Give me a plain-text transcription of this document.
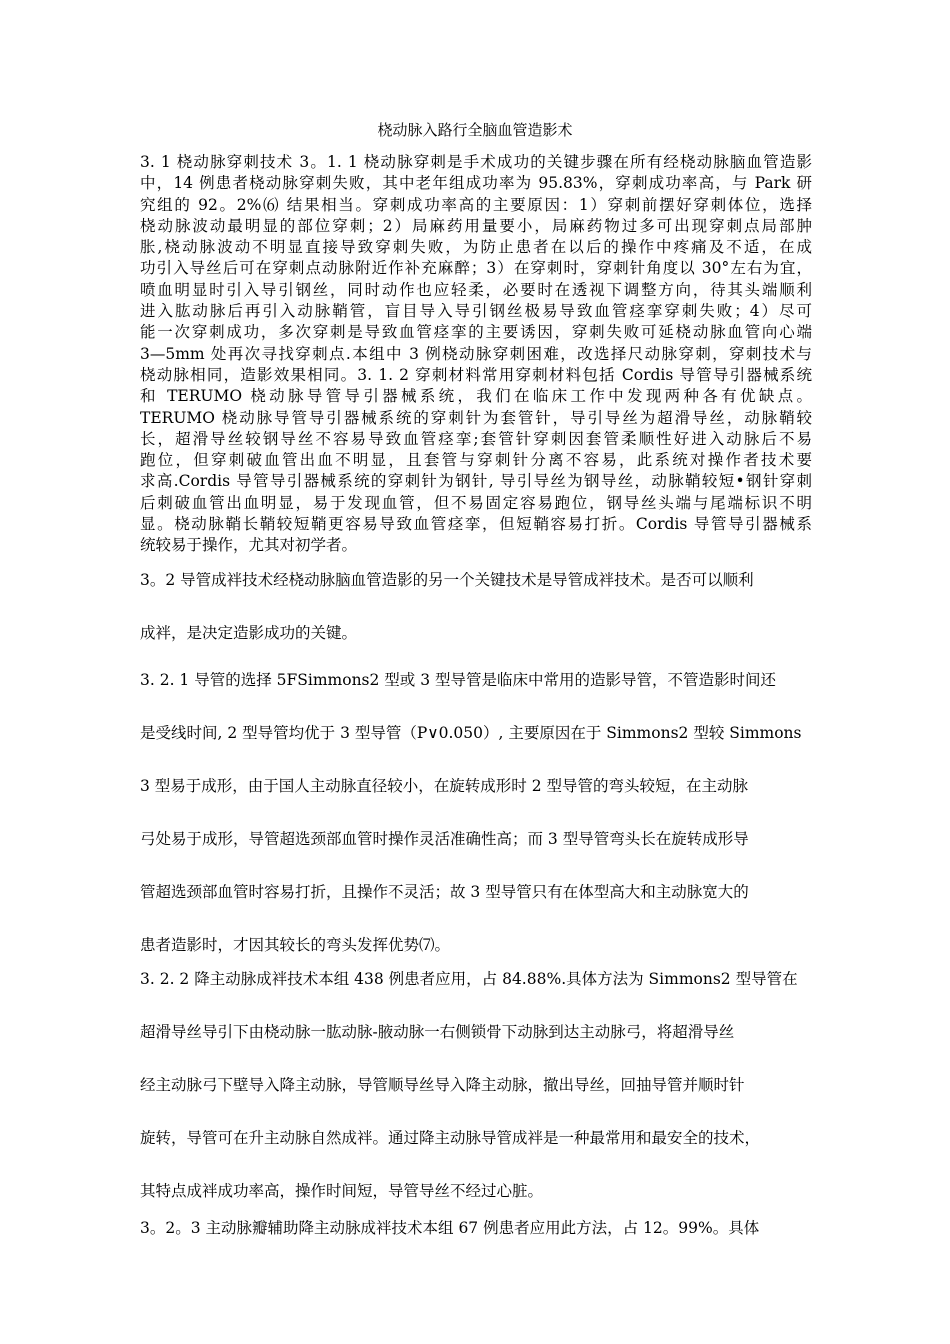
桡动脉入路行全脑血管造影术
3. 1 桡动脉穿刺技术 3。1. 1 桡动脉穿刺是手术成功的关键步骤在所有经桡动脉脑血管造影
中，14 例患者桡动脉穿刺失败，其中老年组成功率为 95.83%，穿刺成功率高，与 Park 研
究组的 92。2%⑹ 结果相当。穿刺成功率高的主要原因：1）穿刺前摆好穿刺体位，选择
桡动脉波动最明显的部位穿刺；2）局麻药用量要小，局麻药物过多可出现穿刺点局部肿
胀,桡动脉波动不明显直接导致穿刺失败，为防止患者在以后的操作中疼痛及不适，在成
功引入导丝后可在穿刺点动脉附近作补充麻醉；3）在穿刺时，穿刺针角度以 30°左右为宜，
喷血明显时引入导引钢丝，同时动作也应轻柔，必要时在透视下调整方向，待其头端顺利
进入肱动脉后再引入动脉鞘管，盲目导入导引钢丝极易导致血管痉挛穿刺失败；4）尽可
能一次穿刺成功，多次穿刺是导致血管痉挛的主要诱因，穿刺失败可延桡动脉血管向心端
3—5mm 处再次寻找穿刺点.本组中 3 例桡动脉穿刺困难，改选择尺动脉穿刺，穿刺技术与
桡动脉相同，造影效果相同。3. 1. 2 穿刺材料常用穿刺材料包括 Cordis 导管导引器械系统
和 TERUMO 桡动脉导管导引器械系统，我们在临床工作中发现两种各有优缺点。
TERUMO 桡动脉导管导引器械系统的穿刺针为套管针，导引导丝为超滑导丝，动脉鞘较
长，超滑导丝较钢导丝不容易导致血管痉挛;套管针穿刺因套管柔顺性好进入动脉后不易
跑位，但穿刺破血管出血不明显，且套管与穿刺针分离不容易，此系统对操作者技术要
求高.Cordis 导管导引器械系统的穿刺针为钢针, 导引导丝为钢导丝，动脉鞘较短•钢针穿刺
后刺破血管出血明显，易于发现血管，但不易固定容易跑位，钢导丝头端与尾端标识不明
显。桡动脉鞘长鞘较短鞘更容易导致血管痉挛，但短鞘容易打折。Cordis 导管导引器械系
统较易于操作，尤其对初学者。
3。2 导管成袢技术经桡动脉脑血管造影的另一个关键技术是导管成袢技术。是否可以顺利
成袢，是决定造影成功的关键。
3. 2. 1 导管的选择 5FSimmons2 型或 3 型导管是临床中常用的造影导管，不管造影时间还
是受线时间, 2 型导管均优于 3 型导管（P∨0.050）, 主要原因在于 Simmons2 型较 Simmons
3 型易于成形，由于国人主动脉直径较小，在旋转成形时 2 型导管的弯头较短，在主动脉
弓处易于成形，导管超选颈部血管时操作灵活准确性高；而 3 型导管弯头长在旋转成形导
管超选颈部血管时容易打折，且操作不灵活；故 3 型导管只有在体型高大和主动脉宽大的
患者造影时，才因其较长的弯头发挥优势⑺。
3. 2. 2 降主动脉成袢技术本组 438 例患者应用，占 84.88%.具体方法为 Simmons2 型导管在
超滑导丝导引下由桡动脉一肱动脉-腋动脉一右侧锁骨下动脉到达主动脉弓，将超滑导丝
经主动脉弓下壁导入降主动脉，导管顺导丝导入降主动脉，撤出导丝，回抽导管并顺时针
旋转，导管可在升主动脉自然成袢。通过降主动脉导管成袢是一种最常用和最安全的技术，
其特点成袢成功率高，操作时间短，导管导丝不经过心脏。
3。2。3 主动脉瓣辅助降主动脉成袢技术本组 67 例患者应用此方法，占 12。99%。具体
